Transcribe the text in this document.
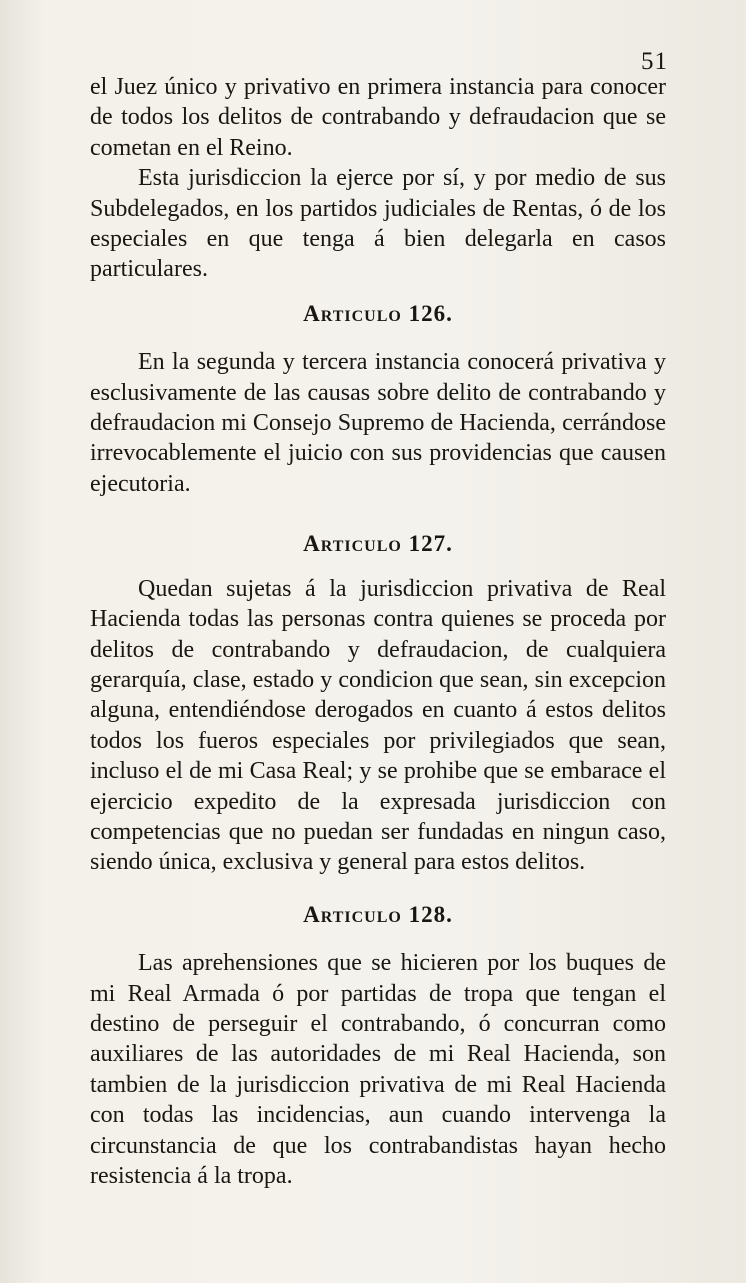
51

el Juez único y privativo en primera instancia para conocer de todos los delitos de contrabando y defraudacion que se cometan en el Reino.

Esta jurisdiccion la ejerce por sí, y por medio de sus Subdelegados, en los partidos judiciales de Rentas, ó de los especiales en que tenga á bien delegarla en casos particulares.

Articulo 126.

En la segunda y tercera instancia conocerá privativa y esclusivamente de las causas sobre delito de contrabando y defraudacion mi Consejo Supremo de Hacienda, cerrándose irrevocablemente el juicio con sus providencias que causen ejecutoria.

Articulo 127.

Quedan sujetas á la jurisdiccion privativa de Real Hacienda todas las personas contra quienes se proceda por delitos de contrabando y defraudacion, de cualquiera gerarquía, clase, estado y condicion que sean, sin excepcion alguna, entendiéndose derogados en cuanto á estos delitos todos los fueros especiales por privilegiados que sean, incluso el de mi Casa Real; y se prohibe que se embarace el ejercicio expedito de la expresada jurisdiccion con competencias que no puedan ser fundadas en ningun caso, siendo única, exclusiva y general para estos delitos.

Articulo 128.

Las aprehensiones que se hicieren por los buques de mi Real Armada ó por partidas de tropa que tengan el destino de perseguir el contrabando, ó concurran como auxiliares de las autoridades de mi Real Hacienda, son tambien de la jurisdiccion privativa de mi Real Hacienda con todas las incidencias, aun cuando intervenga la circunstancia de que los contrabandistas hayan hecho resistencia á la tropa.
